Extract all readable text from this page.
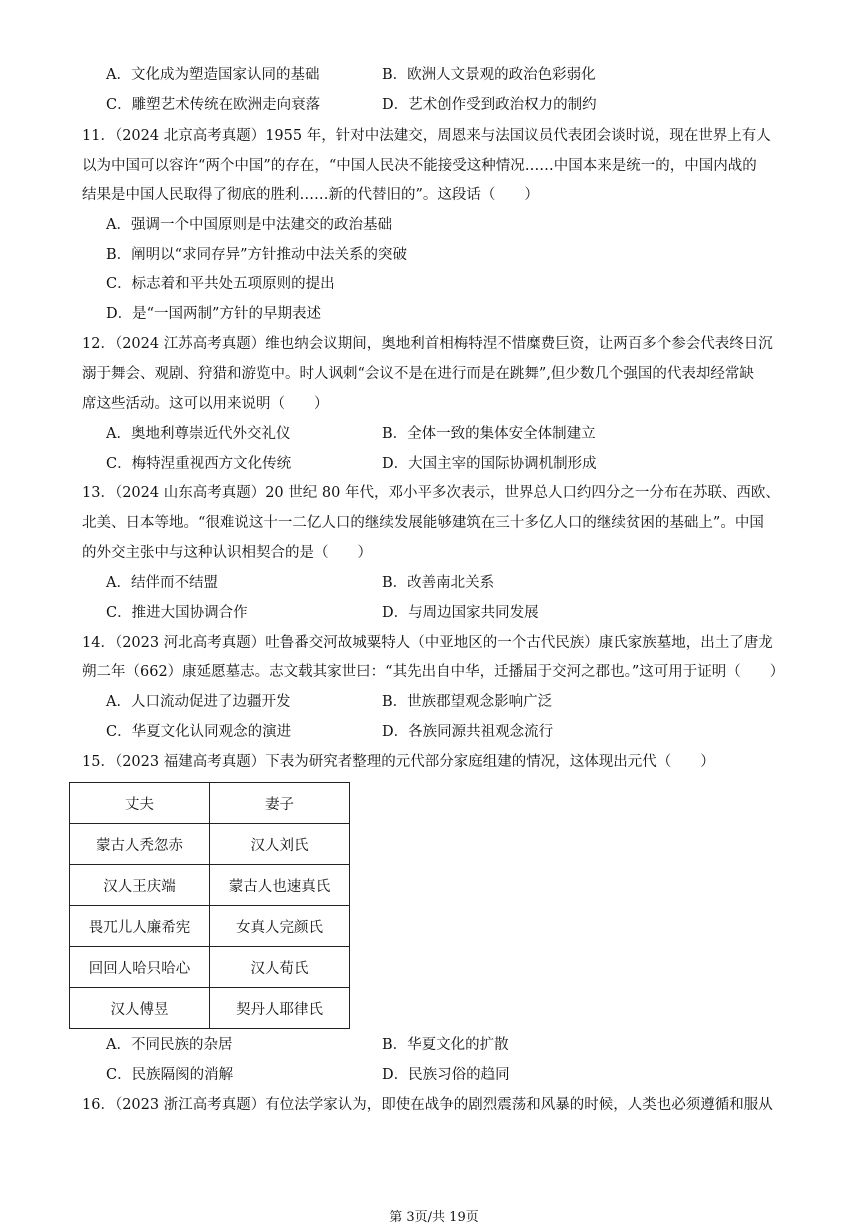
A．文化成为塑造国家认同的基础	B．欧洲人文景观的政治色彩弱化
C．雕塑艺术传统在欧洲走向衰落	D．艺术创作受到政治权力的制约
11．（2024 北京高考真题）1955 年，针对中法建交，周恩来与法国议员代表团会谈时说，现在世界上有人
以为中国可以容许“两个中国”的存在，“中国人民决不能接受这种情况……中国本来是统一的，中国内战的
结果是中国人民取得了彻底的胜利……新的代替旧的”。这段话（　　）
A．强调一个中国原则是中法建交的政治基础
B．阐明以“求同存异”方针推动中法关系的突破
C．标志着和平共处五项原则的提出
D．是“一国两制”方针的早期表述
12．（2024 江苏高考真题）维也纳会议期间，奥地利首相梅特涅不惜糜费巨资，让两百多个参会代表终日沉
溺于舞会、观剧、狩猎和游览中。时人讽刺“会议不是在进行而是在跳舞”,但少数几个强国的代表却经常缺
席这些活动。这可以用来说明（　　）
A．奥地利尊崇近代外交礼仪	B．全体一致的集体安全体制建立
C．梅特涅重视西方文化传统	D．大国主宰的国际协调机制形成
13．（2024 山东高考真题）20 世纪 80 年代，邓小平多次表示，世界总人口约四分之一分布在苏联、西欧、
北美、日本等地。“很难说这十一二亿人口的继续发展能够建筑在三十多亿人口的继续贫困的基础上”。中国
的外交主张中与这种认识相契合的是（　　）
A．结伴而不结盟	B．改善南北关系
C．推进大国协调合作	D．与周边国家共同发展
14．（2023 河北高考真题）吐鲁番交河故城粟特人（中亚地区的一个古代民族）康氏家族墓地，出土了唐龙
朔二年（662）康延愿墓志。志文载其家世曰：“其先出自中华，迁播届于交河之郡也。”这可用于证明（　　）
A．人口流动促进了边疆开发	B．世族郡望观念影响广泛
C．华夏文化认同观念的演进	D．各族同源共祖观念流行
15．（2023 福建高考真题）下表为研究者整理的元代部分家庭组建的情况，这体现出元代（　　）
丈夫	妻子
蒙古人秃忽赤	汉人刘氏
汉人王庆端	蒙古人也速真氏
畏兀儿人廉希宪	女真人完颜氏
回回人哈只哈心	汉人荀氏
汉人傅昱	契丹人耶律氏
A．不同民族的杂居	B．华夏文化的扩散
C．民族隔阂的消解	D．民族习俗的趋同
16．（2023 浙江高考真题）有位法学家认为，即使在战争的剧烈震荡和风暴的时候，人类也必须遵循和服从
第 3页/共 19页
